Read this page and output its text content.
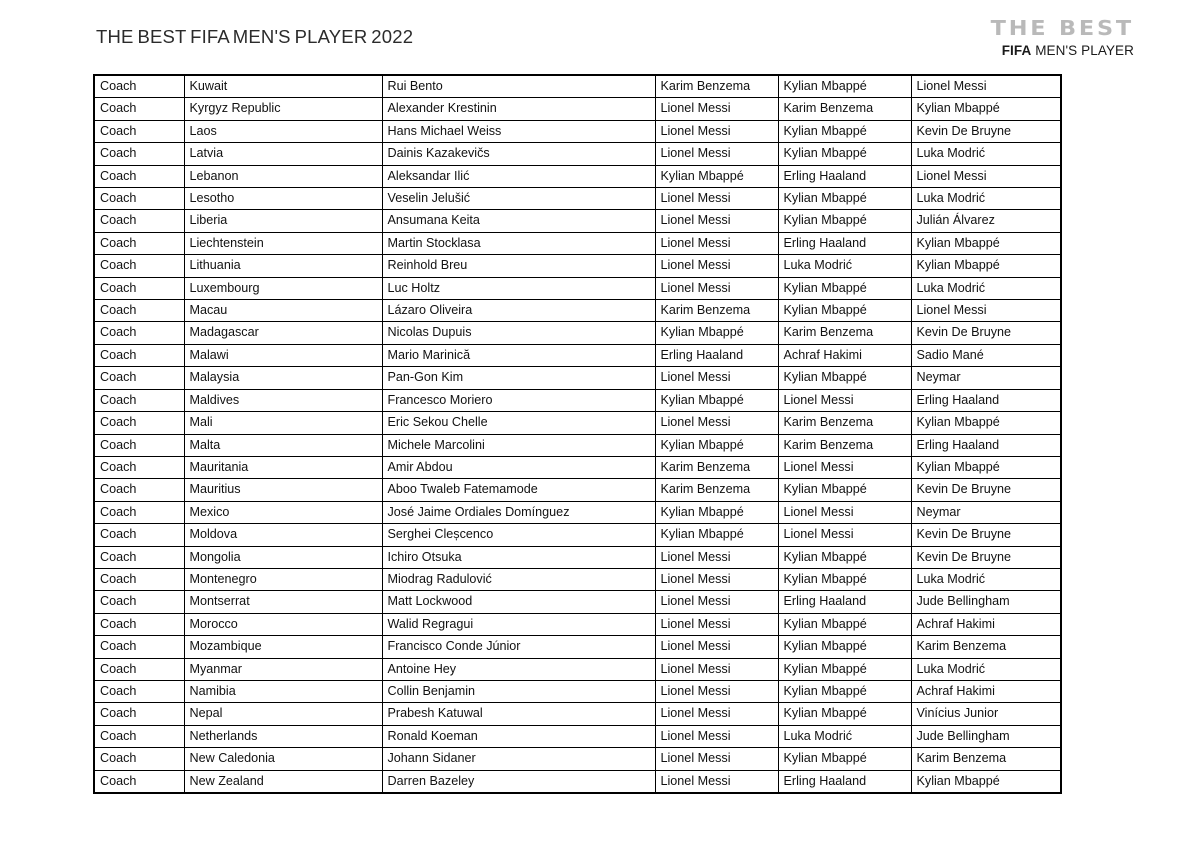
THE BEST FIFA MEN'S PLAYER 2022	THE BEST
FIFA MEN'S PLAYER
Coach	Kuwait	Rui Bento	Karim Benzema	Kylian Mbappé	Lionel Messi
Coach	Kyrgyz Republic	Alexander Krestinin	Lionel Messi	Karim Benzema	Kylian Mbappé
Coach	Laos	Hans Michael Weiss	Lionel Messi	Kylian Mbappé	Kevin De Bruyne
Coach	Latvia	Dainis Kazakevičs	Lionel Messi	Kylian Mbappé	Luka Modrić
Coach	Lebanon	Aleksandar Ilić	Kylian Mbappé	Erling Haaland	Lionel Messi
Coach	Lesotho	Veselin Jelušić	Lionel Messi	Kylian Mbappé	Luka Modrić
Coach	Liberia	Ansumana Keita	Lionel Messi	Kylian Mbappé	Julián Álvarez
Coach	Liechtenstein	Martin Stocklasa	Lionel Messi	Erling Haaland	Kylian Mbappé
Coach	Lithuania	Reinhold Breu	Lionel Messi	Luka Modrić	Kylian Mbappé
Coach	Luxembourg	Luc Holtz	Lionel Messi	Kylian Mbappé	Luka Modrić
Coach	Macau	Lázaro Oliveira	Karim Benzema	Kylian Mbappé	Lionel Messi
Coach	Madagascar	Nicolas Dupuis	Kylian Mbappé	Karim Benzema	Kevin De Bruyne
Coach	Malawi	Mario Marinică	Erling Haaland	Achraf Hakimi	Sadio Mané
Coach	Malaysia	Pan-Gon Kim	Lionel Messi	Kylian Mbappé	Neymar
Coach	Maldives	Francesco Moriero	Kylian Mbappé	Lionel Messi	Erling Haaland
Coach	Mali	Eric Sekou Chelle	Lionel Messi	Karim Benzema	Kylian Mbappé
Coach	Malta	Michele Marcolini	Kylian Mbappé	Karim Benzema	Erling Haaland
Coach	Mauritania	Amir Abdou	Karim Benzema	Lionel Messi	Kylian Mbappé
Coach	Mauritius	Aboo Twaleb Fatemamode	Karim Benzema	Kylian Mbappé	Kevin De Bruyne
Coach	Mexico	José Jaime Ordiales Domínguez	Kylian Mbappé	Lionel Messi	Neymar
Coach	Moldova	Serghei Cleșcenco	Kylian Mbappé	Lionel Messi	Kevin De Bruyne
Coach	Mongolia	Ichiro Otsuka	Lionel Messi	Kylian Mbappé	Kevin De Bruyne
Coach	Montenegro	Miodrag Radulović	Lionel Messi	Kylian Mbappé	Luka Modrić
Coach	Montserrat	Matt Lockwood	Lionel Messi	Erling Haaland	Jude Bellingham
Coach	Morocco	Walid Regragui	Lionel Messi	Kylian Mbappé	Achraf Hakimi
Coach	Mozambique	Francisco Conde Júnior	Lionel Messi	Kylian Mbappé	Karim Benzema
Coach	Myanmar	Antoine Hey	Lionel Messi	Kylian Mbappé	Luka Modrić
Coach	Namibia	Collin Benjamin	Lionel Messi	Kylian Mbappé	Achraf Hakimi
Coach	Nepal	Prabesh Katuwal	Lionel Messi	Kylian Mbappé	Vinícius Junior
Coach	Netherlands	Ronald Koeman	Lionel Messi	Luka Modrić	Jude Bellingham
Coach	New Caledonia	Johann Sidaner	Lionel Messi	Kylian Mbappé	Karim Benzema
Coach	New Zealand	Darren Bazeley	Lionel Messi	Erling Haaland	Kylian Mbappé
